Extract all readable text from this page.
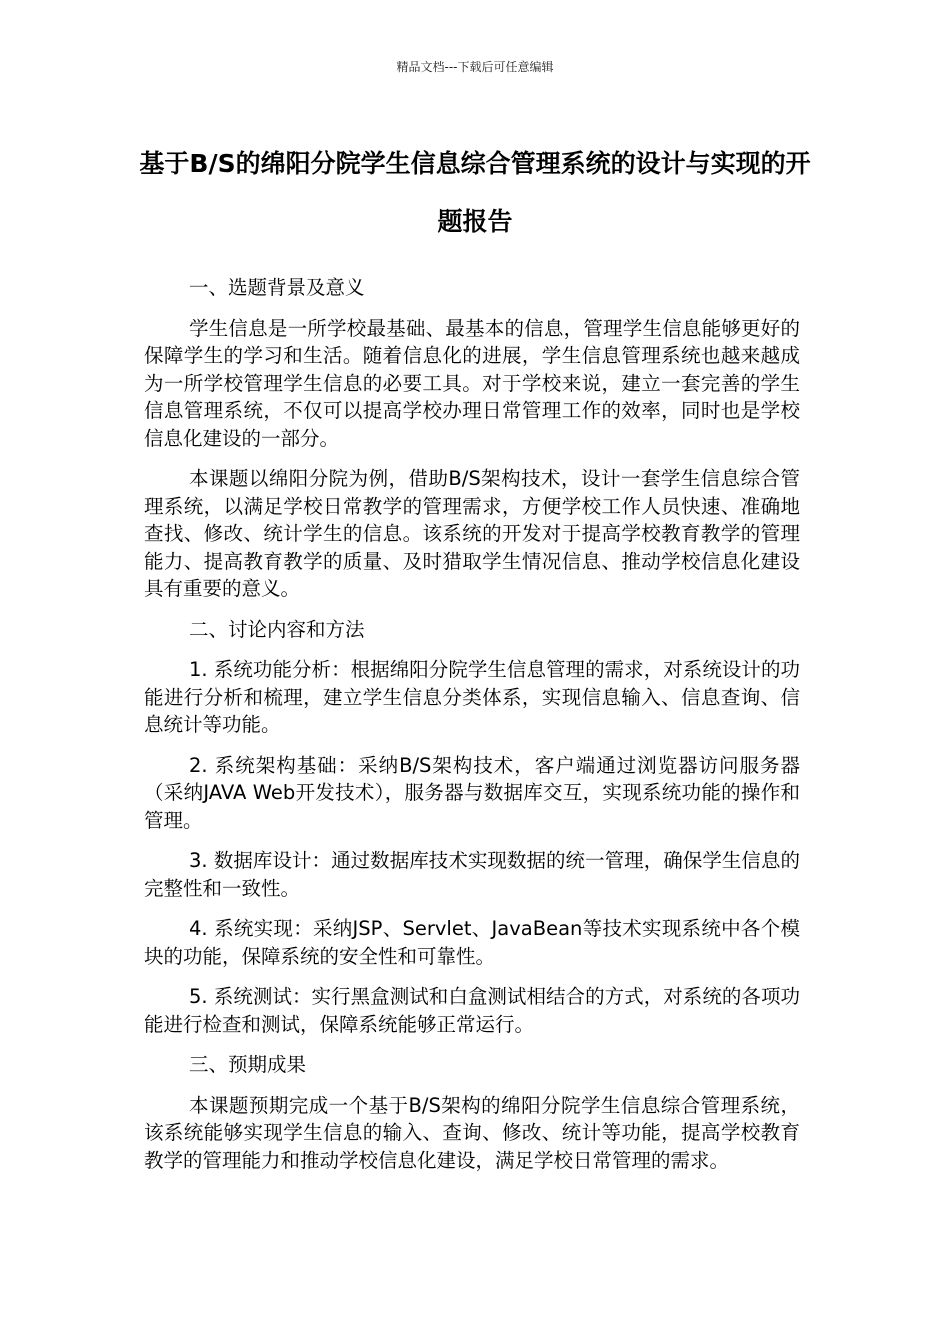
精品文档---下载后可任意编辑
基于B/S的绵阳分院学生信息综合管理系统的设计与实现的开题报告

一、选题背景及意义

学生信息是一所学校最基础、最基本的信息，管理学生信息能够更好的保障学生的学习和生活。随着信息化的进展，学生信息管理系统也越来越成为一所学校管理学生信息的必要工具。对于学校来说，建立一套完善的学生信息管理系统，不仅可以提高学校办理日常管理工作的效率，同时也是学校信息化建设的一部分。

本课题以绵阳分院为例，借助B/S架构技术，设计一套学生信息综合管理系统，以满足学校日常教学的管理需求，方便学校工作人员快速、准确地查找、修改、统计学生的信息。该系统的开发对于提高学校教育教学的管理能力、提高教育教学的质量、及时猎取学生情况信息、推动学校信息化建设具有重要的意义。

二、讨论内容和方法

1. 系统功能分析：根据绵阳分院学生信息管理的需求，对系统设计的功能进行分析和梳理，建立学生信息分类体系，实现信息输入、信息查询、信息统计等功能。

2. 系统架构基础：采纳B/S架构技术，客户端通过浏览器访问服务器（采纳JAVA Web开发技术），服务器与数据库交互，实现系统功能的操作和管理。

3. 数据库设计：通过数据库技术实现数据的统一管理，确保学生信息的完整性和一致性。

4. 系统实现：采纳JSP、Servlet、JavaBean等技术实现系统中各个模块的功能，保障系统的安全性和可靠性。

5. 系统测试：实行黑盒测试和白盒测试相结合的方式，对系统的各项功能进行检查和测试，保障系统能够正常运行。

三、预期成果

本课题预期完成一个基于B/S架构的绵阳分院学生信息综合管理系统，该系统能够实现学生信息的输入、查询、修改、统计等功能，提高学校教育教学的管理能力和推动学校信息化建设，满足学校日常管理的需求。
